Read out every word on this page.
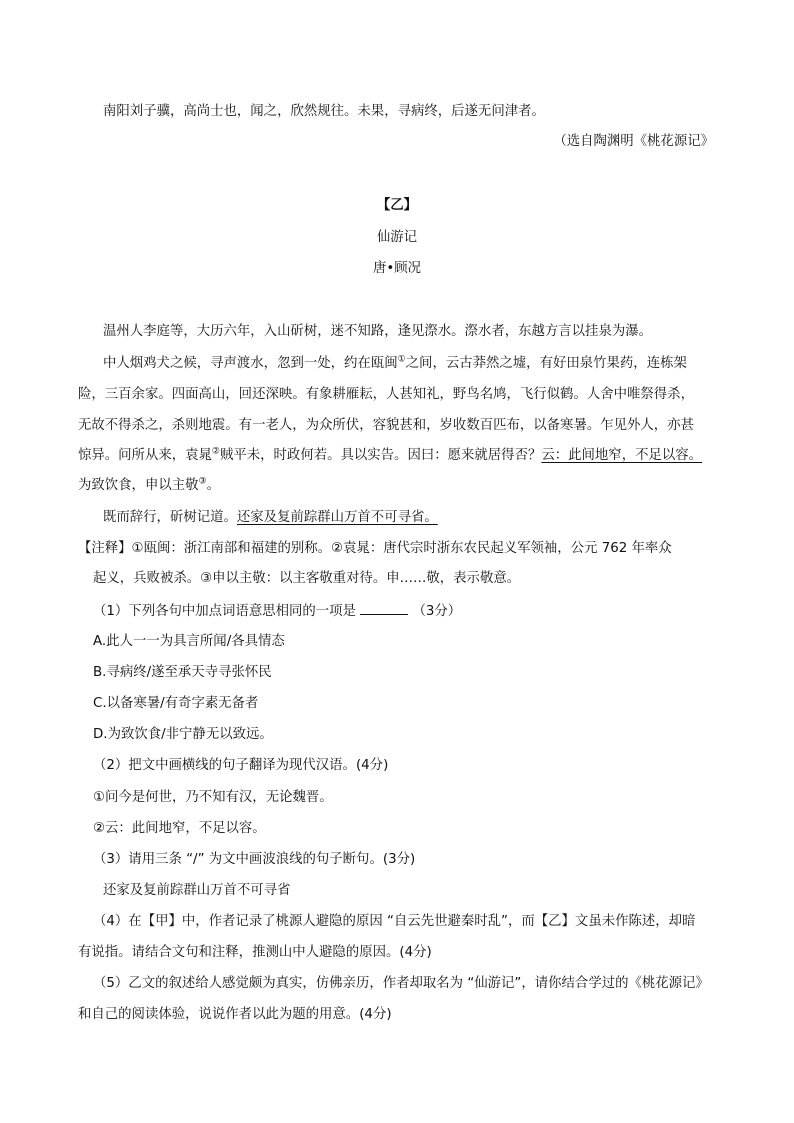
南阳刘子骥，高尚士也，闻之，欣然规往。未果，寻病终，后遂无问津者。
（选自陶渊明《桃花源记》
【乙】
仙游记
唐•顾况
温州人李庭等，大历六年，入山斫树，迷不知路，逢见漈水。漈水者，东越方言以挂泉为瀑。
中人烟鸡犬之候，寻声渡水，忽到一处，约在瓯闽①之间，云古莽然之墟，有好田泉竹果药，连栋架
险，三百余家。四面高山，回还深映。有象耕雁耘，人甚知礼，野鸟名鸠，飞行似鹤。人舍中唯祭得杀，
无故不得杀之，杀则地震。有一老人，为众所伏，容貌甚和，岁收数百匹布，以备寒暑。乍见外人，亦甚
惊异。问所从来，袁晁②贼平未，时政何若。具以实告。因曰：愿来就居得否？云：此间地窄，不足以容。
为致饮食，申以主敬③。
既而辞行，斫树记道。还家及复前踪群山万首不可寻省。
【注释】①瓯闽：浙江南部和福建的别称。②袁晁：唐代宗时浙东农民起义军领袖，公元 762 年率众
起义，兵败被杀。③申以主敬：以主客敬重对待。申……敬，表示敬意。
（1）下列各句中加点词语意思相同的一项是	（3分）
A.此人一一为具言所闻/各具情态
B.寻病终/遂至承天寺寻张怀民
C.以备寒暑/有奇字素无备者
D.为致饮食/非宁静无以致远。
（2）把文中画横线的句子翻译为现代汉语。(4分)
①问今是何世，乃不知有汉，无论魏晋。
②云：此间地窄，不足以容。
（3）请用三条 “/” 为文中画波浪线的句子断句。(3分)
还家及复前踪群山万首不可寻省
（4）在【甲】中，作者记录了桃源人避隐的原因 “自云先世避秦时乱”，而【乙】文虽未作陈述，却暗
有说指。请结合文句和注释，推测山中人避隐的原因。(4分)
（5）乙文的叙述给人感觉颇为真实，仿佛亲历，作者却取名为 “仙游记”，请你结合学过的《桃花源记》
和自己的阅读体验，说说作者以此为题的用意。(4分)
